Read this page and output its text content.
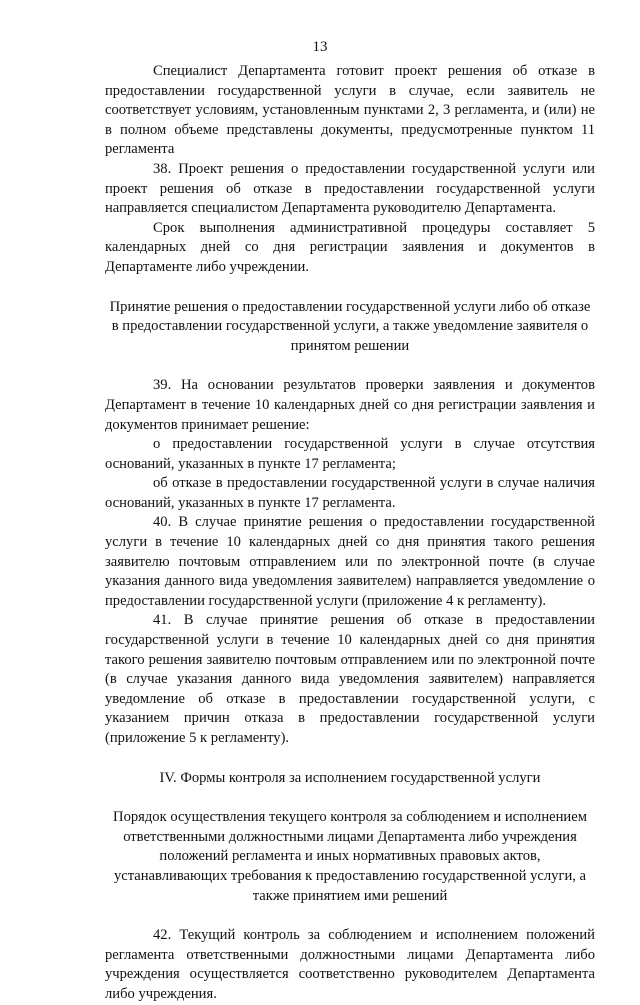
13

Специалист Департамента готовит проект решения об отказе в предоставлении государственной услуги в случае, если заявитель не соответствует условиям, установленным пунктами 2, 3 регламента, и (или) не в полном объеме представлены документы, предусмотренные пунктом 11 регламента

38. Проект решения о предоставлении государственной услуги или проект решения об отказе в предоставлении государственной услуги направляется специалистом Департамента руководителю Департамента.

Срок выполнения административной процедуры составляет 5 календарных дней со дня регистрации заявления и документов в Департаменте либо учреждении.

Принятие решения о предоставлении государственной услуги либо об отказе в предоставлении государственной услуги, а также уведомление заявителя о принятом решении

39. На основании результатов проверки заявления и документов Департамент в течение 10 календарных дней со дня регистрации заявления и документов принимает решение:

о предоставлении государственной услуги в случае отсутствия оснований, указанных в пункте 17 регламента;

об отказе в предоставлении государственной услуги в случае наличия оснований, указанных в пункте 17 регламента.

40. В случае принятие решения о предоставлении государственной услуги в течение 10 календарных дней со дня принятия такого решения заявителю почтовым отправлением или по электронной почте (в случае указания данного вида уведомления заявителем) направляется уведомление о предоставлении государственной услуги (приложение 4 к регламенту).

41. В случае принятие решения об отказе в предоставлении государственной услуги в течение 10 календарных дней со дня принятия такого решения заявителю почтовым отправлением или по электронной почте (в случае указания данного вида уведомления заявителем) направляется уведомление об отказе в предоставлении государственной услуги, с указанием причин отказа в предоставлении государственной услуги (приложение 5 к регламенту).

IV. Формы контроля за исполнением государственной услуги

Порядок осуществления текущего контроля за соблюдением и исполнением ответственными должностными лицами Департамента либо учреждения положений регламента и иных нормативных правовых актов, устанавливающих требования к предоставлению государственной услуги, а также принятием ими решений

42. Текущий контроль за соблюдением и исполнением положений регламента ответственными должностными лицами Департамента либо учреждения осуществляется соответственно руководителем Департамента либо учреждения.
